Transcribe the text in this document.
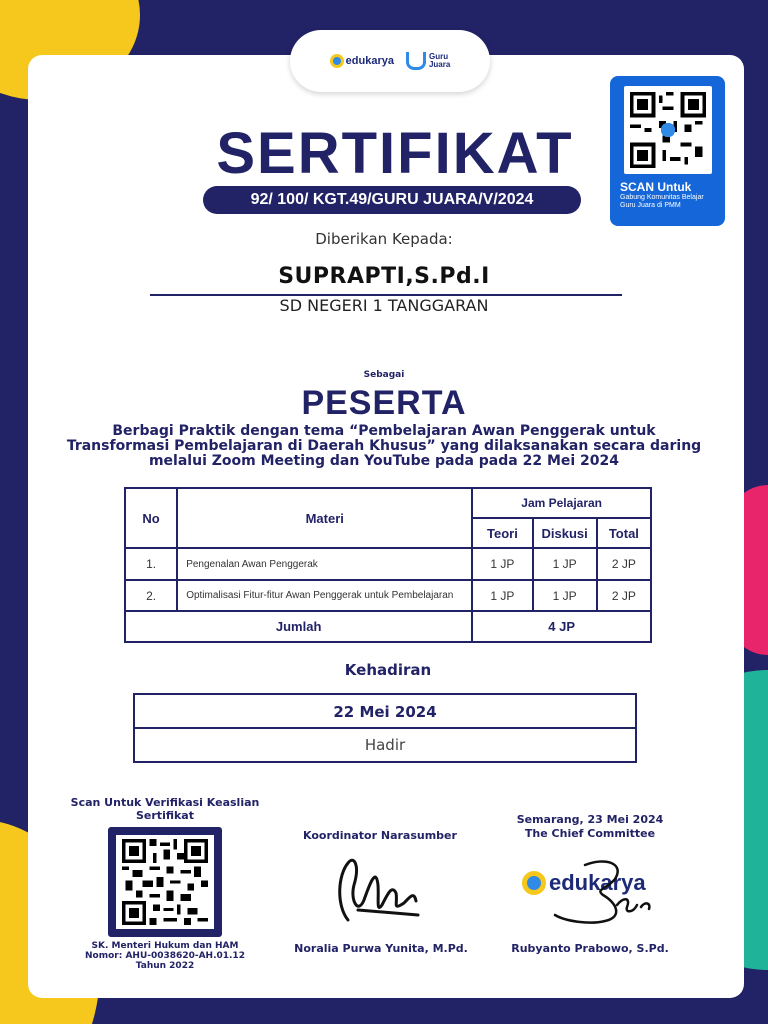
edukarya	Guru
Juara
SERTIFIKAT
92/ 100/ KGT.49/GURU JUARA/V/2024
SCAN Untuk
Gabung Komunitas Belajar Guru Juara di PMM
Diberikan Kepada:
SUPRAPTI,S.Pd.I
SD NEGERI 1 TANGGARAN
Sebagai
PESERTA
Berbagi Praktik dengan tema “Pembelajaran Awan Penggerak untuk Transformasi Pembelajaran di Daerah Khusus” yang dilaksanakan secara daring melalui Zoom Meeting dan YouTube pada pada 22 Mei 2024
No	Materi	Jam Pelajaran		
		Teori	Diskusi	Total
1.	Pengenalan Awan Penggerak	1 JP	1 JP	2 JP
2.	Optimalisasi Fitur-fitur Awan Penggerak untuk Pembelajaran	1 JP	1 JP	2 JP
Jumlah		4 JP		
Kehadiran
22 Mei 2024
Hadir
Scan Untuk Verifikasi Keaslian Sertifikat
SK. Menteri Hukum dan HAM
Nomor: AHU-0038620-AH.01.12
Tahun 2022
Koordinator Narasumber
Noralia Purwa Yunita, M.Pd.
Semarang, 23 Mei 2024
The Chief Committee
edukarya
Rubyanto Prabowo, S.Pd.
